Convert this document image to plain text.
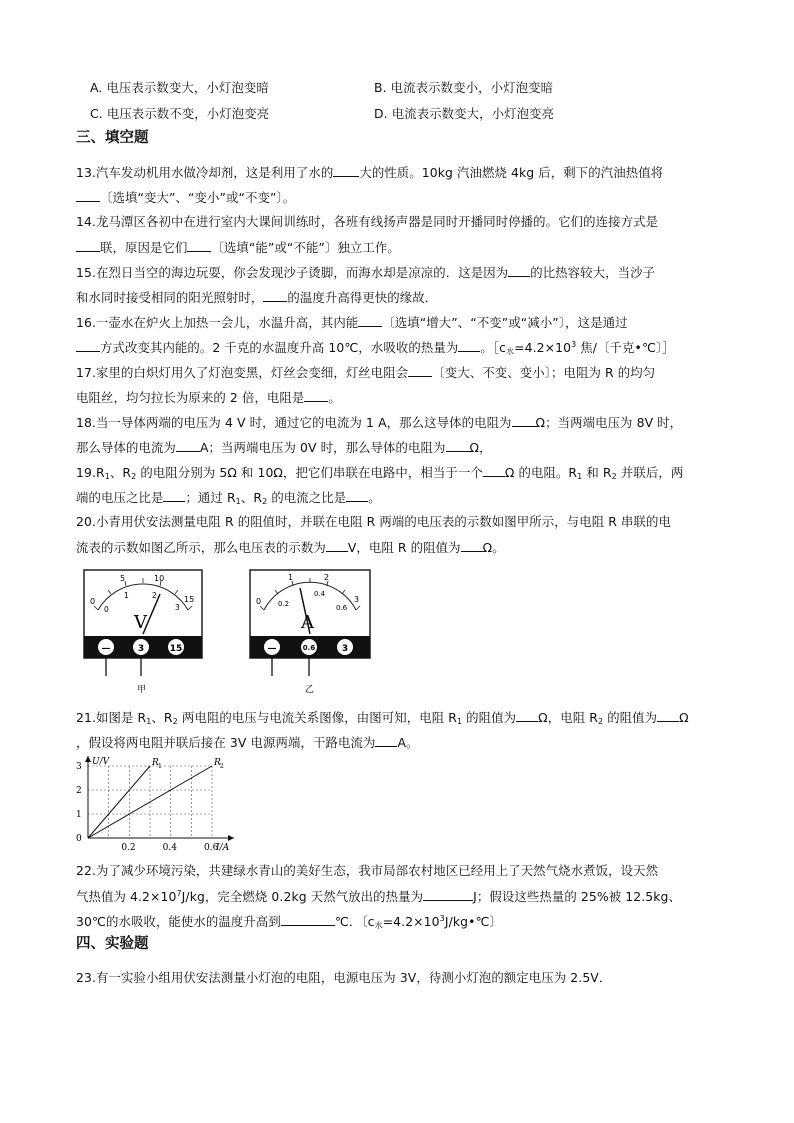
A. 电压表示数变大，小灯泡变暗	B. 电流表示数变小，小灯泡变暗
C. 电压表示数不变，小灯泡变亮	D. 电流表示数变大，小灯泡变亮
三、填空题
13.汽车发动机用水做冷却剂，这是利用了水的 大的性质。10kg 汽油燃烧 4kg 后，剩下的汽油热值将
〔选填“变大”、“变小”或“不变”〕。
14.龙马潭区各初中在进行室内大课间训练时，各班有线扬声器是同时开播同时停播的。它们的连接方式是
联，原因是它们 〔选填“能”或“不能”〕独立工作。
15.在烈日当空的海边玩耍，你会发现沙子烫脚，而海水却是凉凉的．这是因为 的比热容较大，当沙子
和水同时接受相同的阳光照射时， 的温度升高得更快的缘故．
16.一壶水在炉火上加热一会儿，水温升高，其内能 〔选填“增大”、“不变”或“减小”〕，这是通过
方式改变其内能的。2 千克的水温度升高 10℃，水吸收的热量为 。$[c_水=4.2\times 10^3$ 焦/〔千克•℃〕］
17.家里的白炽灯用久了灯泡变黑，灯丝会变细，灯丝电阻会 〔变大、不变、变小〕；电阻为 R 的均匀
电阻丝，均匀拉长为原来的 2 倍，电阻是 。
18.当一导体两端的电压为 4 V 时，通过它的电流为 1 A，那么这导体的电阻为 Ω；当两端电压为 8V 时，
那么导体的电流为 A；当两端电压为 0V 时，那么导体的电阻为 Ω，
$19.R_1$、$R_2$ 的电阻分别为 5Ω 和 10Ω，把它们串联在电路中，相当于一个 Ω 的电阻。$R_1$ 和 $R_2$ 并联后，两
端的电压之比是 ；通过 $R_1$、$R_2$ 的电流之比是 。
20.小青用伏安法测量电阻 R 的阻值时，并联在电阻 R 两端的电压表的示数如图甲所示，与电阻 R 串联的电
流表的示数如图乙所示，那么电压表的示数为 V，电阻 R 的阻值为 Ω。
0
5	10
15
0
1	2
3
V
—	3	15
甲
0
1	2
3
0.2
0.4
0.6
A
—	0.6	3
乙
21.如图是 $R_1$、$R_2$ 两电阻的电压与电流关系图像，由图可知，电阻 $R_1$ 的阻值为 Ω，电阻 $R_2$ 的阻值为 Ω
，假设将两电阻并联后接在 3V 电源两端，干路电流为 A。
0.2	0.4	0.6
0
1
2
3
I/A
U/V	R 1	R 2
22.为了减少环境污染，共建绿水青山的美好生态，我市局部农村地区已经用上了天然气烧水煮饭，设天然
气热值为 $4.2\times 10^7J/kg$，完全燃烧 0.2kg 天然气放出的热量为	J；假设这些热量的 25%被 12.5kg、
30℃的水吸收，能使水的温度升高到	℃．〔$c_水=4.2\times 10^3J/kg•℃$〕
四、实验题
23.有一实验小组用伏安法测量小灯泡的电阻，电源电压为 3V，待测小灯泡的额定电压为 2.5V．
